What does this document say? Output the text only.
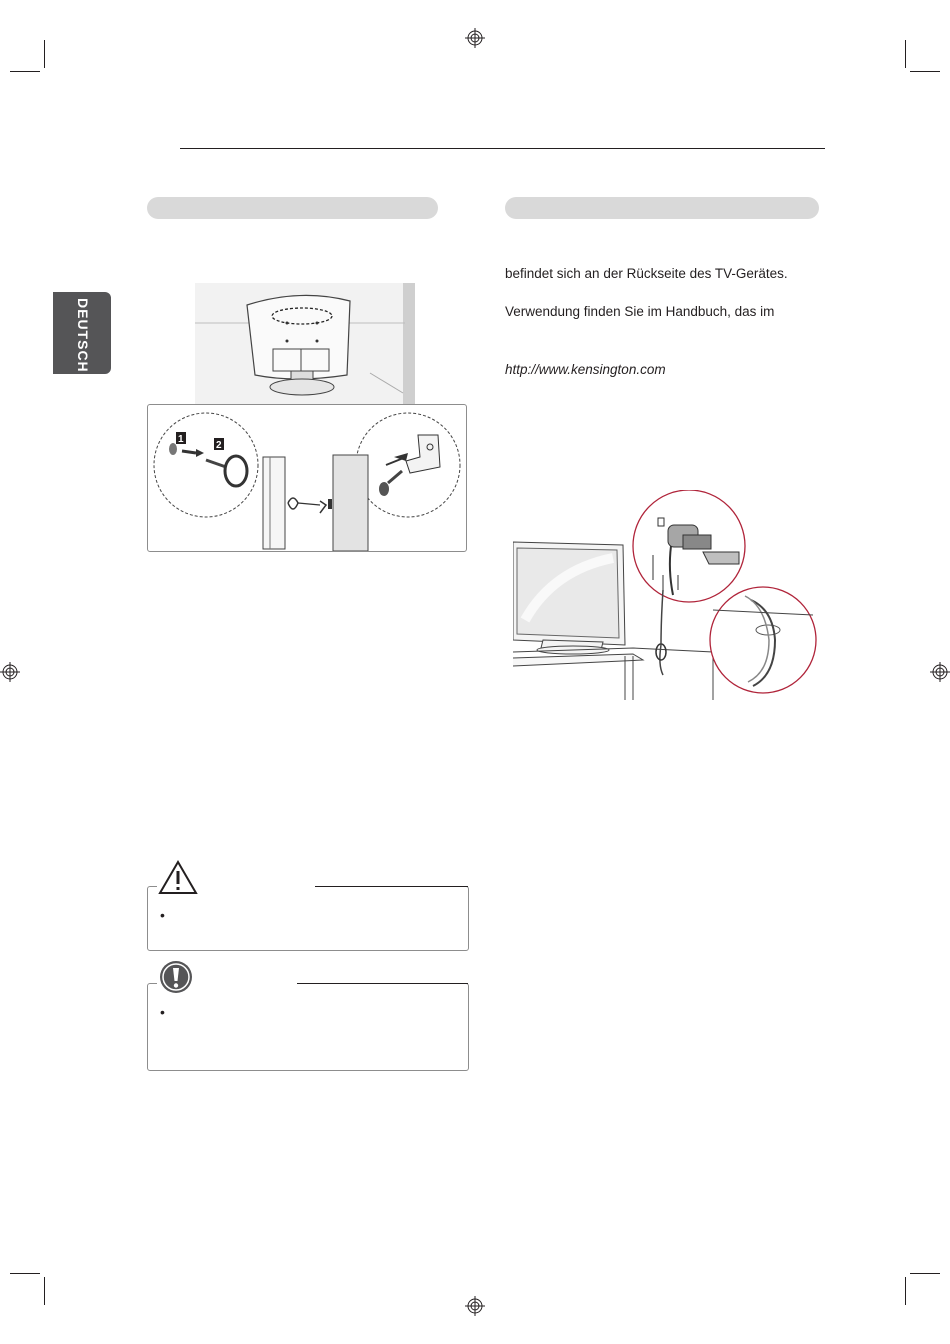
DEUTSCH
1
2
befindet sich an der Rückseite des TV-Gerätes.
Verwendung finden Sie im Handbuch, das im
http://www.kensington.com
•
•
